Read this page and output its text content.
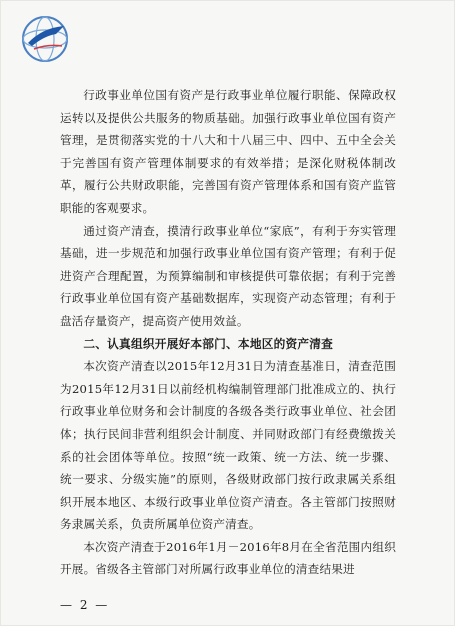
行政事业单位国有资产是行政事业单位履行职能、保障政权运转以及提供公共服务的物质基础。加强行政事业单位国有资产管理，是贯彻落实党的十八大和十八届三中、四中、五中全会关于完善国有资产管理体制要求的有效举措；是深化财税体制改革，履行公共财政职能，完善国有资产管理体系和国有资产监管职能的客观要求。

通过资产清查，摸清行政事业单位“家底”，有利于夯实管理基础，进一步规范和加强行政事业单位国有资产管理；有利于促进资产合理配置，为预算编制和审核提供可靠依据；有利于完善行政事业单位国有资产基础数据库，实现资产动态管理；有利于盘活存量资产，提高资产使用效益。

二、认真组织开展好本部门、本地区的资产清查

本次资产清查以2015年12月31日为清查基准日，清查范围为2015年12月31日以前经机构编制管理部门批准成立的、执行行政事业单位财务和会计制度的各级各类行政事业单位、社会团体；执行民间非营利组织会计制度、并同财政部门有经费缴拨关系的社会团体等单位。按照“统一政策、统一方法、统一步骤、统一要求、分级实施”的原则，各级财政部门按行政隶属关系组织开展本地区、本级行政事业单位资产清查。各主管部门按照财务隶属关系，负责所属单位资产清查。

本次资产清查于2016年1月－2016年8月在全省范围内组织开展。省级各主管部门对所属行政事业单位的清查结果进

— 2 —
